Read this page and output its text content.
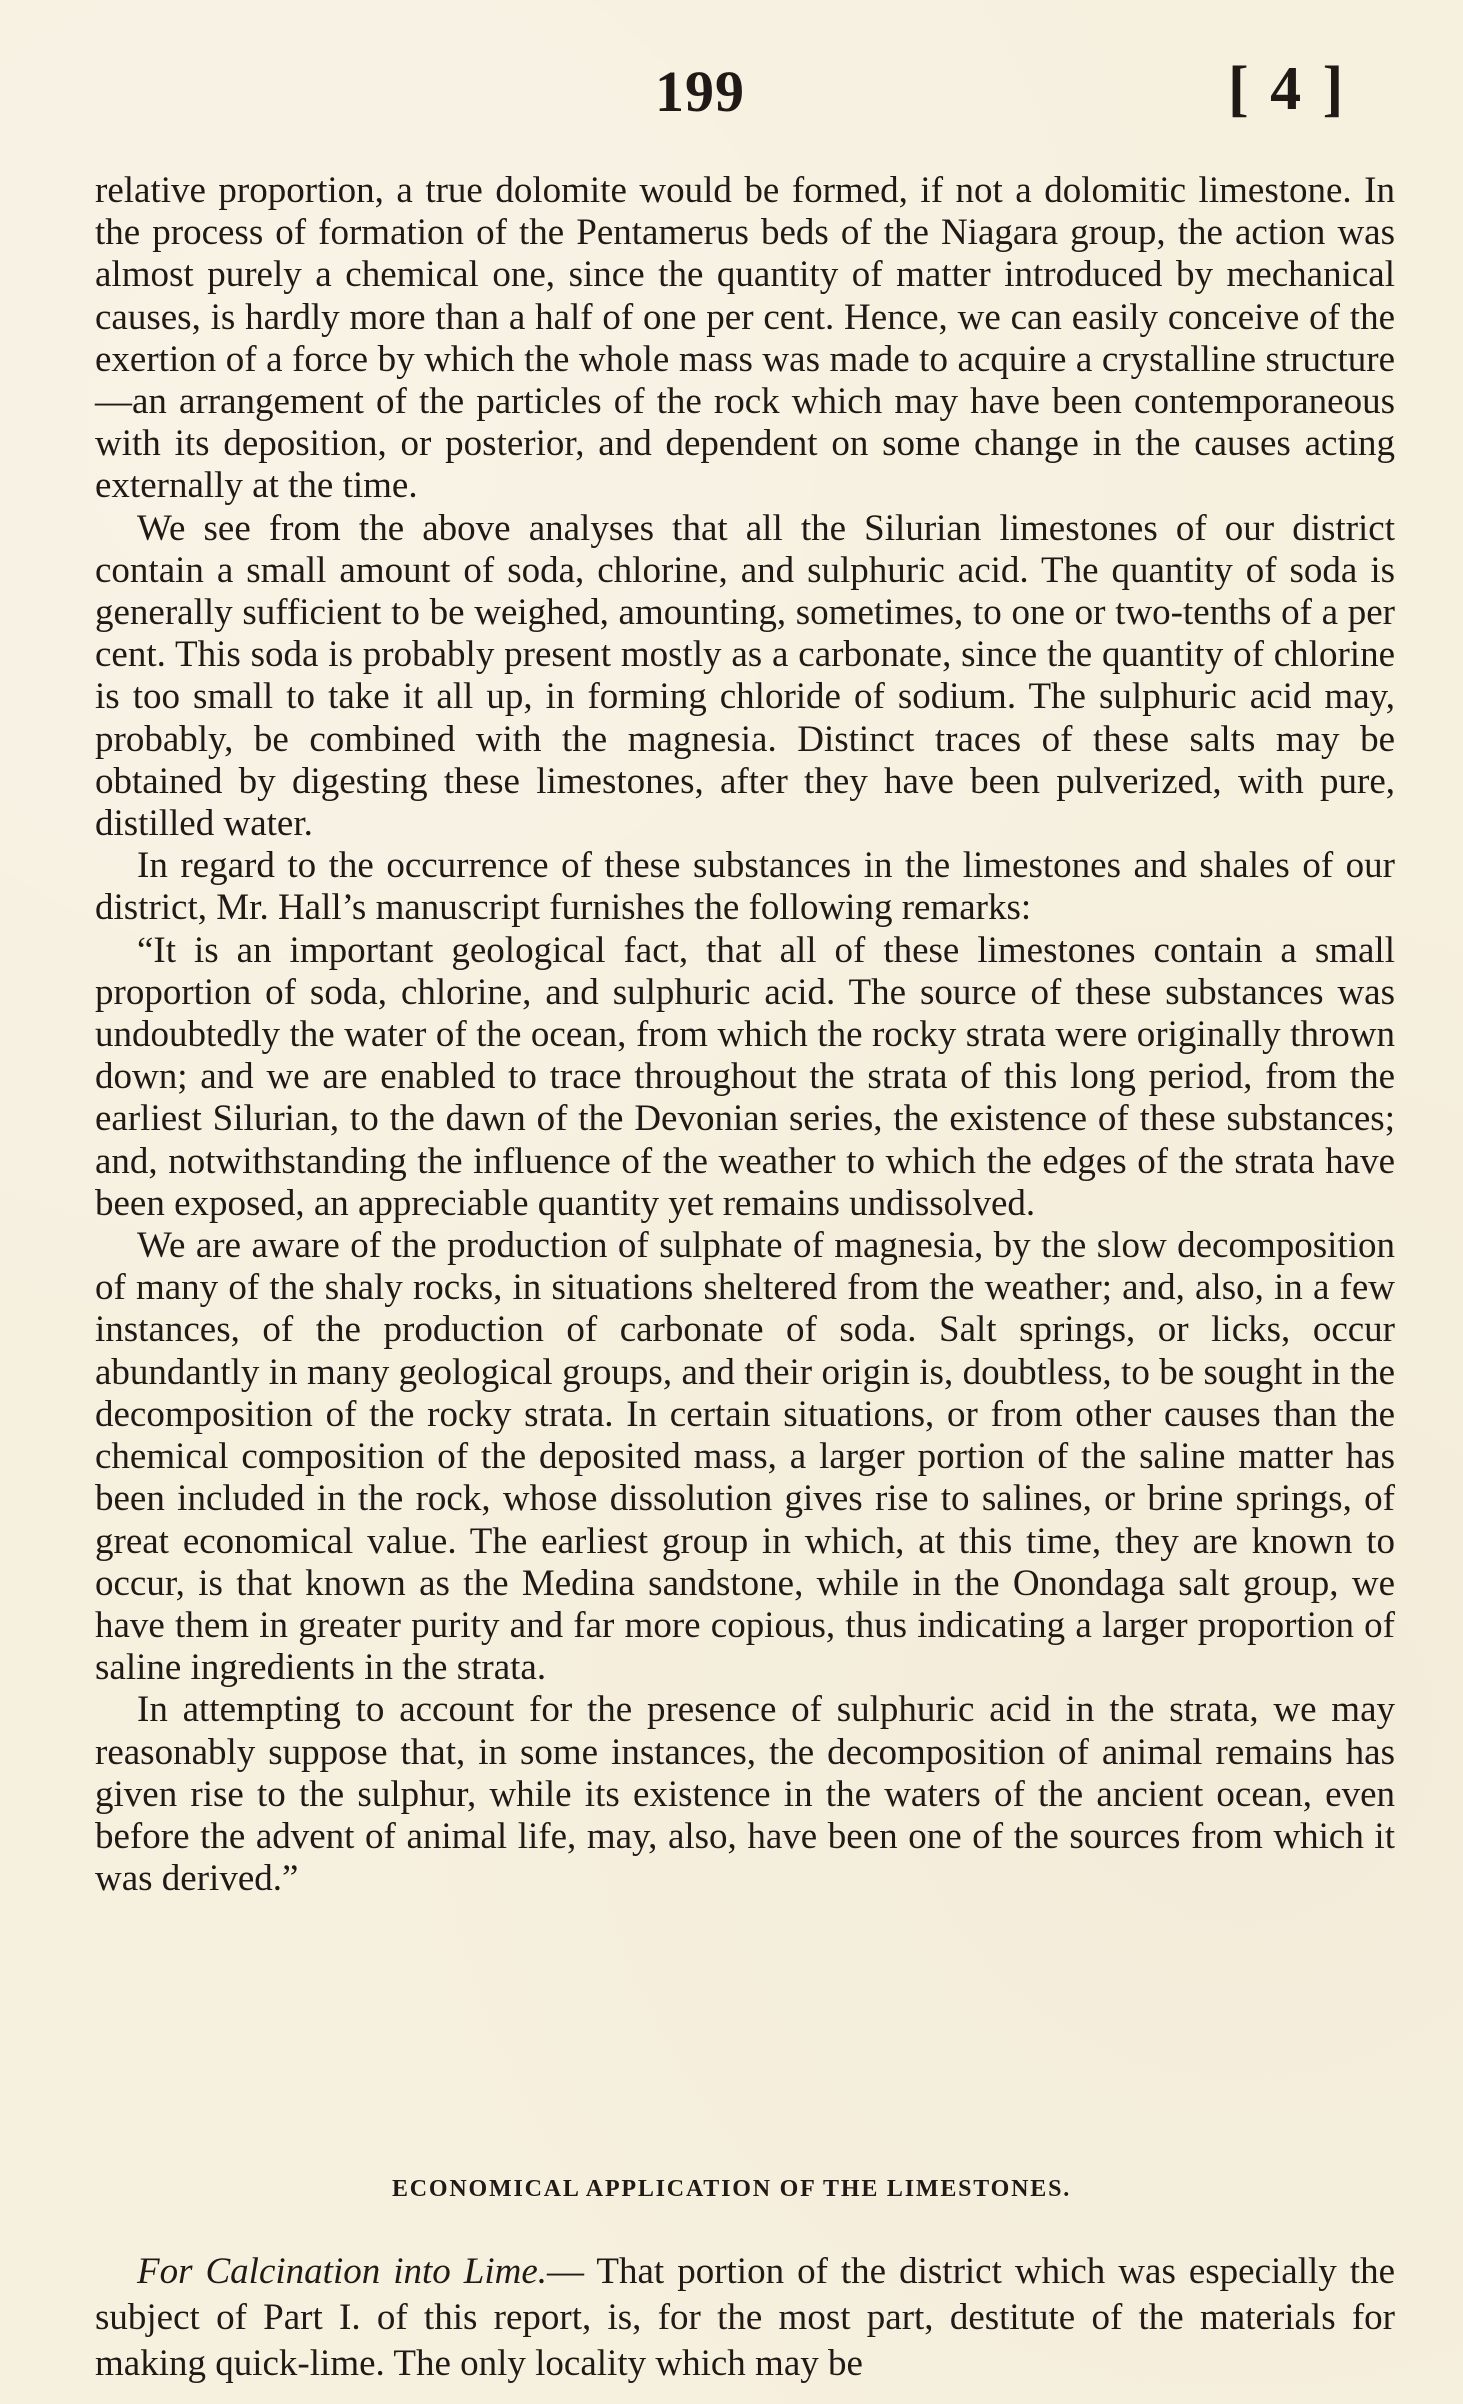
199	[ 4 ]

relative proportion, a true dolomite would be formed, if not a dolomitic limestone. In the process of formation of the Pentamerus beds of the Niagara group, the action was almost purely a chemical one, since the quantity of matter introduced by mechanical causes, is hardly more than a half of one per cent. Hence, we can easily conceive of the exertion of a force by which the whole mass was made to acquire a crystalline structure—an arrangement of the particles of the rock which may have been contemporaneous with its deposition, or posterior, and dependent on some change in the causes acting externally at the time.

We see from the above analyses that all the Silurian limestones of our district contain a small amount of soda, chlorine, and sulphuric acid. The quantity of soda is generally sufficient to be weighed, amounting, sometimes, to one or two-tenths of a per cent. This soda is probably present mostly as a carbonate, since the quantity of chlorine is too small to take it all up, in forming chloride of sodium. The sulphuric acid may, probably, be combined with the magnesia. Distinct traces of these salts may be obtained by digesting these limestones, after they have been pulverized, with pure, distilled water.

In regard to the occurrence of these substances in the limestones and shales of our district, Mr. Hall’s manuscript furnishes the following remarks:

“It is an important geological fact, that all of these limestones contain a small proportion of soda, chlorine, and sulphuric acid. The source of these substances was undoubtedly the water of the ocean, from which the rocky strata were originally thrown down; and we are enabled to trace throughout the strata of this long period, from the earliest Silurian, to the dawn of the Devonian series, the existence of these substances; and, notwithstanding the influence of the weather to which the edges of the strata have been exposed, an appreciable quantity yet remains undissolved.

We are aware of the production of sulphate of magnesia, by the slow decomposition of many of the shaly rocks, in situations sheltered from the weather; and, also, in a few instances, of the production of carbonate of soda. Salt springs, or licks, occur abundantly in many geological groups, and their origin is, doubtless, to be sought in the decomposition of the rocky strata. In certain situations, or from other causes than the chemical composition of the deposited mass, a larger portion of the saline matter has been included in the rock, whose dissolution gives rise to salines, or brine springs, of great economical value. The earliest group in which, at this time, they are known to occur, is that known as the Medina sandstone, while in the Onondaga salt group, we have them in greater purity and far more copious, thus indicating a larger proportion of saline ingredients in the strata.

In attempting to account for the presence of sulphuric acid in the strata, we may reasonably suppose that, in some instances, the decomposition of animal remains has given rise to the sulphur, while its existence in the waters of the ancient ocean, even before the advent of animal life, may, also, have been one of the sources from which it was derived.”

ECONOMICAL APPLICATION OF THE LIMESTONES.

For Calcination into Lime.— That portion of the district which was especially the subject of Part I. of this report, is, for the most part, destitute of the materials for making quick-lime. The only locality which may be
